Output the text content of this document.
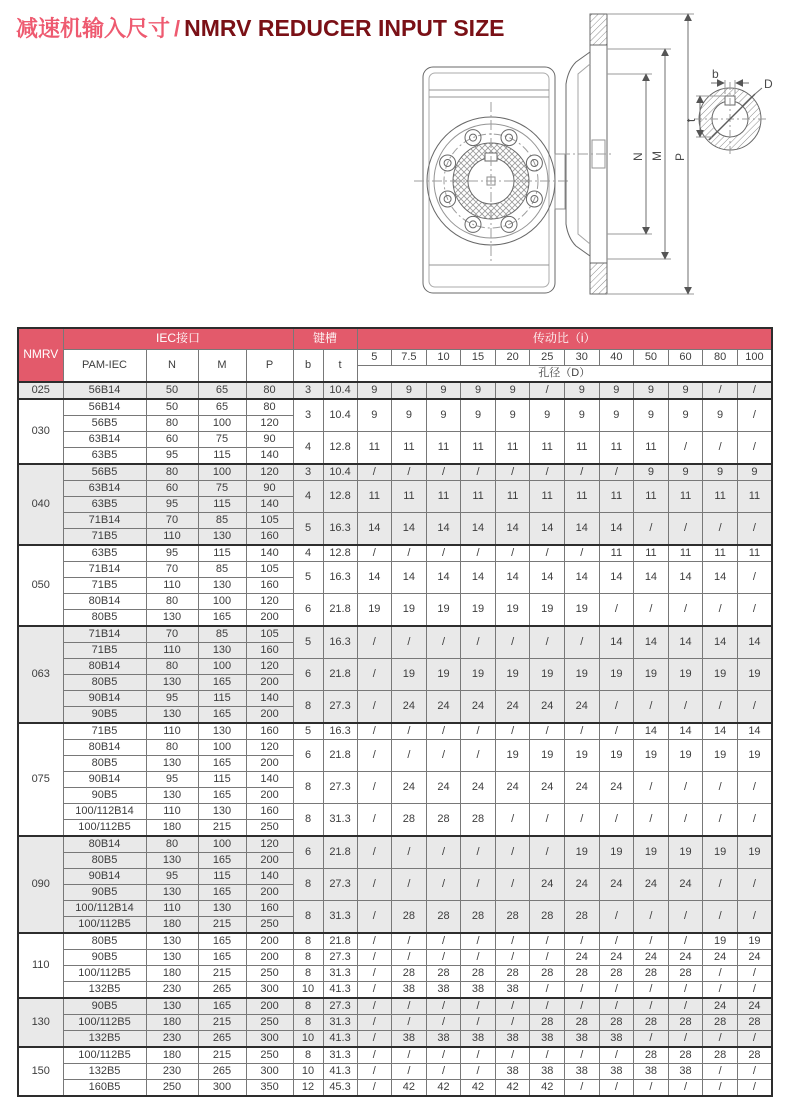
减速机输入尺寸 / NMRV REDUCER INPUT SIZE
N M P
b
D
t
NMRV	IEC接口				键槽		传动比（i）											
	PAM-IEC	N	M	P	b	t	5	7.5	10	15	20	25	30	40	50	60	80	100
							孔径（D）											
025	56B14	50	65	80	3	10.4	9	9	9	9	9	/	9	9	9	9	/	/
030	56B14	50	65	80	3	10.4	9	9	9	9	9	9	9	9	9	9	9	/
	56B5	80	100	120														
	63B14	60	75	90	4	12.8	11	11	11	11	11	11	11	11	11	/	/	/
	63B5	95	115	140														
040	56B5	80	100	120	3	10.4	/	/	/	/	/	/	/	/	9	9	9	9
	63B14	60	75	90	4	12.8	11	11	11	11	11	11	11	11	11	11	11	11
	63B5	95	115	140														
	71B14	70	85	105	5	16.3	14	14	14	14	14	14	14	14	/	/	/	/
	71B5	110	130	160														
050	63B5	95	115	140	4	12.8	/	/	/	/	/	/	/	11	11	11	11	11
	71B14	70	85	105	5	16.3	14	14	14	14	14	14	14	14	14	14	14	/
	71B5	110	130	160														
	80B14	80	100	120	6	21.8	19	19	19	19	19	19	19	/	/	/	/	/
	80B5	130	165	200														
063	71B14	70	85	105	5	16.3	/	/	/	/	/	/	/	14	14	14	14	14
	71B5	110	130	160														
	80B14	80	100	120	6	21.8	/	19	19	19	19	19	19	19	19	19	19	19
	80B5	130	165	200														
	90B14	95	115	140	8	27.3	/	24	24	24	24	24	24	/	/	/	/	/
	90B5	130	165	200														
075	71B5	110	130	160	5	16.3	/	/	/	/	/	/	/	/	14	14	14	14
	80B14	80	100	120	6	21.8	/	/	/	/	19	19	19	19	19	19	19	19
	80B5	130	165	200														
	90B14	95	115	140	8	27.3	/	24	24	24	24	24	24	24	/	/	/	/
	90B5	130	165	200														
	100/112B14	110	130	160	8	31.3	/	28	28	28	/	/	/	/	/	/	/	/
	100/112B5	180	215	250														
090	80B14	80	100	120	6	21.8	/	/	/	/	/	/	19	19	19	19	19	19
	80B5	130	165	200														
	90B14	95	115	140	8	27.3	/	/	/	/	/	24	24	24	24	24	/	/
	90B5	130	165	200														
	100/112B14	110	130	160	8	31.3	/	28	28	28	28	28	28	/	/	/	/	/
	100/112B5	180	215	250														
110	80B5	130	165	200	8	21.8	/	/	/	/	/	/	/	/	/	/	19	19
	90B5	130	165	200	8	27.3	/	/	/	/	/	/	24	24	24	24	24	24
	100/112B5	180	215	250	8	31.3	/	28	28	28	28	28	28	28	28	28	/	/
	132B5	230	265	300	10	41.3	/	38	38	38	38	/	/	/	/	/	/	/
130	90B5	130	165	200	8	27.3	/	/	/	/	/	/	/	/	/	/	24	24
	100/112B5	180	215	250	8	31.3	/	/	/	/	/	28	28	28	28	28	28	28
	132B5	230	265	300	10	41.3	/	38	38	38	38	38	38	38	/	/	/	/
150	100/112B5	180	215	250	8	31.3	/	/	/	/	/	/	/	/	28	28	28	28
	132B5	230	265	300	10	41.3	/	/	/	/	38	38	38	38	38	38	/	/
	160B5	250	300	350	12	45.3	/	42	42	42	42	42	/	/	/	/	/	/
